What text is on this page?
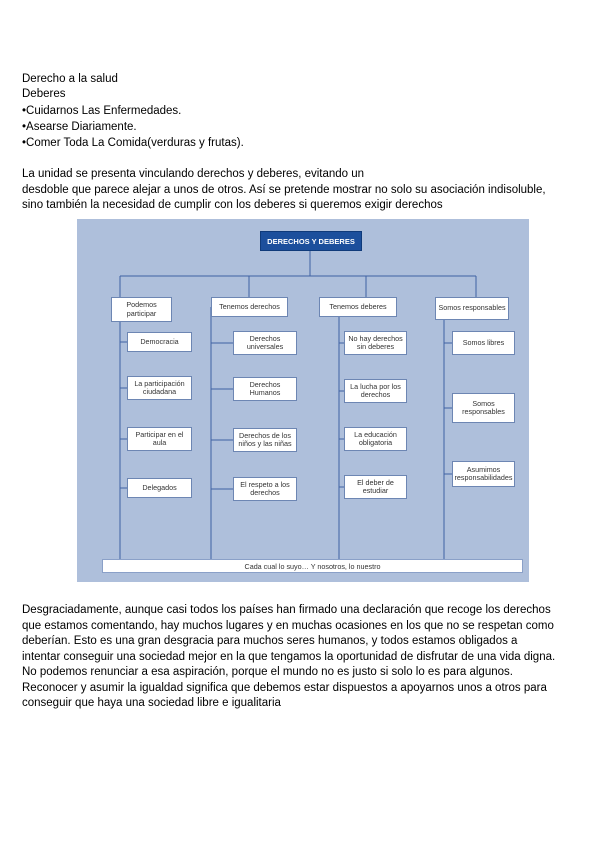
Derecho a la salud
Deberes
•Cuidarnos Las Enfermedades.
•Asearse Diariamente.
•Comer Toda La Comida(verduras y frutas).
La unidad se presenta vinculando derechos y deberes, evitando un
desdoble que parece alejar a unos de otros. Así se pretende mostrar no solo su asociación indisoluble,
sino también la necesidad de cumplir con los deberes si queremos exigir derechos
DERECHOS Y DEBERES
Podemos participar
Tenemos derechos	Tenemos deberes	Somos responsables
Democracia
La participación ciudadana
Participar en el aula
Delegados
Derechos universales
Derechos Humanos
Derechos de los niños y las niñas
El respeto a los derechos
No hay derechos sin deberes
La lucha por los derechos
La educación obligatoria
El deber de estudiar
Somos libres
Somos responsables
Asumimos responsabilidades
Cada cual lo suyo… Y nosotros, lo nuestro
Desgraciadamente, aunque casi todos los países han firmado una declaración que recoge los derechos
que estamos comentando, hay muchos lugares y en muchas ocasiones en los que no se respetan como
deberían. Esto es una gran desgracia para muchos seres humanos, y todos estamos obligados a
intentar conseguir una sociedad mejor en la que tengamos la oportunidad de disfrutar de una vida digna.
No podemos renunciar a esa aspiración, porque el mundo no es justo si solo lo es para algunos.
Reconocer y asumir la igualdad significa que debemos estar dispuestos a apoyarnos unos a otros para
conseguir que haya una sociedad libre e igualitaria
